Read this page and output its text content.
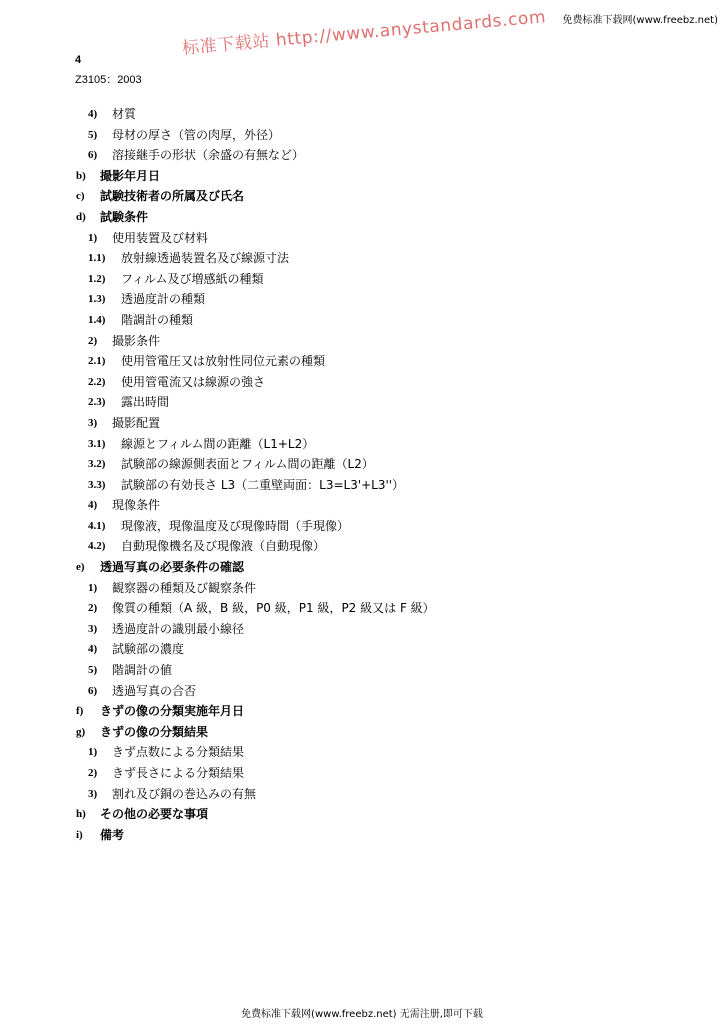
免费标准下载网(www.freebz.net)
标准下载站 http://www.anystandards.com
4
Z3105：2003
4) 材質
5) 母材の厚さ（管の肉厚，外径）
6) 溶接継手の形状（余盛の有無など）
b) 撮影年月日
c) 試験技術者の所属及び氏名
d) 試験条件
1) 使用装置及び材料
1.1) 放射線透過装置名及び線源寸法
1.2) フィルム及び増感紙の種類
1.3) 透過度計の種類
1.4) 階調計の種類
2) 撮影条件
2.1) 使用管電圧又は放射性同位元素の種類
2.2) 使用管電流又は線源の強さ
2.3) 露出時間
3) 撮影配置
3.1) 線源とフィルム間の距離（L1+L2）
3.2) 試験部の線源側表面とフィルム間の距離（L2）
3.3) 試験部の有効長さ L3（二重壁両面：L3=L3'+L3''）
4) 現像条件
4.1) 現像液，現像温度及び現像時間（手現像）
4.2) 自動現像機名及び現像液（自動現像）
e) 透過写真の必要条件の確認
1) 観察器の種類及び観察条件
2) 像質の種類（A 級，B 級，P0 級，P1 級，P2 級又は F 級）
3) 透過度計の識別最小線径
4) 試験部の濃度
5) 階調計の値
6) 透過写真の合否
f) きずの像の分類実施年月日
g) きずの像の分類結果
1) きず点数による分類結果
2) きず長さによる分類結果
3) 割れ及び銅の巻込みの有無
h) その他の必要な事項
i) 備考
免费标准下载网(www.freebz.net) 无需注册,即可下载
